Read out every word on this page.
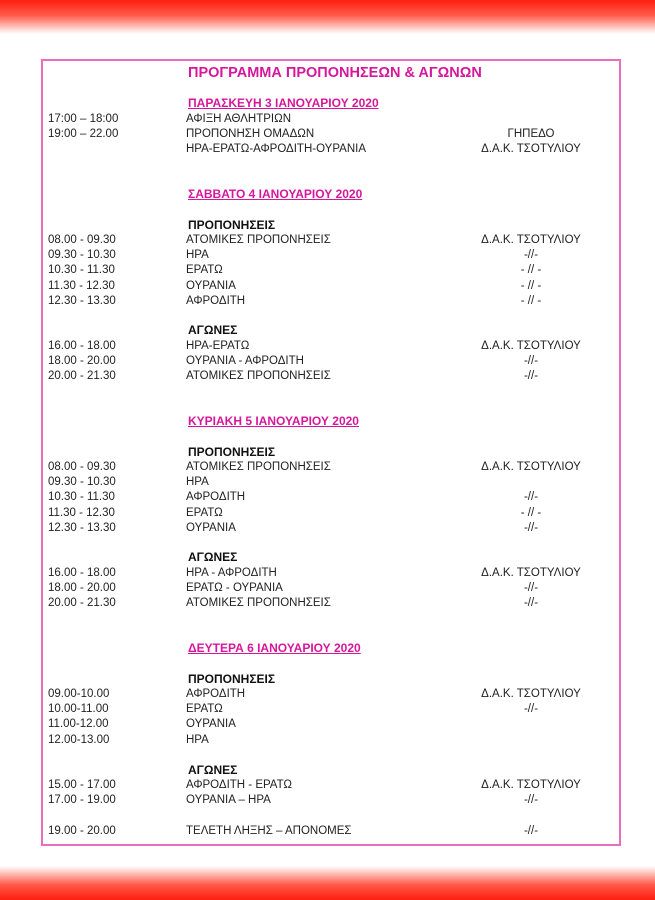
ΠΡΟΓΡΑΜΜΑ ΠΡΟΠΟΝΗΣΕΩΝ & ΑΓΩΝΩΝ
ΠΑΡΑΣΚΕΥΗ 3 ΙΑΝΟΥΑΡΙΟΥ 2020
17:00 – 18:00	ΑΦΙΞΗ ΑΘΛΗΤΡΙΩΝ
19:00 – 22.00	ΠΡΟΠΟΝΗΣΗ ΟΜΑΔΩΝ	ΓΗΠΕΔΟ
ΗΡΑ-ΕΡΑΤΩ-ΑΦΡΟΔΙΤΗ-ΟΥΡΑΝΙΑ	Δ.Α.Κ. ΤΣΟΤΥΛΙΟΥ
ΣΑΒΒΑΤΟ 4 ΙΑΝΟΥΑΡΙΟΥ 2020
ΠΡΟΠΟΝΗΣΕΙΣ
08.00 - 09.30	ΑΤΟΜΙΚΕΣ ΠΡΟΠΟΝΗΣΕΙΣ	Δ.Α.Κ. ΤΣΟΤΥΛΙΟΥ
09.30 - 10.30	ΗΡΑ	-//-
10.30 - 11.30	ΕΡΑΤΩ	- // -
11.30 - 12.30	ΟΥΡΑΝΙΑ	- // -
12.30 - 13.30	ΑΦΡΟΔΙΤΗ	- // -
ΑΓΩΝΕΣ
16.00 - 18.00	ΗΡΑ-ΕΡΑΤΩ	Δ.Α.Κ. ΤΣΟΤΥΛΙΟΥ
18.00 - 20.00	ΟΥΡΑΝΙΑ - ΑΦΡΟΔΙΤΗ	-//-
20.00 - 21.30	ΑΤΟΜΙΚΕΣ ΠΡΟΠΟΝΗΣΕΙΣ	-//-
ΚΥΡΙΑΚΗ 5 ΙΑΝΟΥΑΡΙΟΥ 2020
ΠΡΟΠΟΝΗΣΕΙΣ
08.00 - 09.30	ΑΤΟΜΙΚΕΣ ΠΡΟΠΟΝΗΣΕΙΣ	Δ.Α.Κ. ΤΣΟΤΥΛΙΟΥ
09.30 - 10.30	ΗΡΑ
10.30 - 11.30	ΑΦΡΟΔΙΤΗ	-//-
11.30 - 12.30	ΕΡΑΤΩ	- // -
12.30 - 13.30	ΟΥΡΑΝΙΑ	-//-
ΑΓΩΝΕΣ
16.00 - 18.00	ΗΡΑ - ΑΦΡΟΔΙΤΗ	Δ.Α.Κ. ΤΣΟΤΥΛΙΟΥ
18.00 - 20.00	ΕΡΑΤΩ - ΟΥΡΑΝΙΑ	-//-
20.00 - 21.30	ΑΤΟΜΙΚΕΣ ΠΡΟΠΟΝΗΣΕΙΣ	-//-
ΔΕΥΤΕΡΑ 6 ΙΑΝΟΥΑΡΙΟΥ 2020
ΠΡΟΠΟΝΗΣΕΙΣ
09.00-10.00	ΑΦΡΟΔΙΤΗ	Δ.Α.Κ. ΤΣΟΤΥΛΙΟΥ
10.00-11.00	ΕΡΑΤΩ	-//-
11.00-12.00	ΟΥΡΑΝΙΑ
12.00-13.00	ΗΡΑ
ΑΓΩΝΕΣ
15.00 - 17.00	ΑΦΡΟΔΙΤΗ - ΕΡΑΤΩ	Δ.Α.Κ. ΤΣΟΤΥΛΙΟΥ
17.00 - 19.00	ΟΥΡΑΝΙΑ – ΗΡΑ	-//-
19.00 - 20.00	ΤΕΛΕΤΗ ΛΗΞΗΣ – ΑΠΟΝΟΜΕΣ	-//-
